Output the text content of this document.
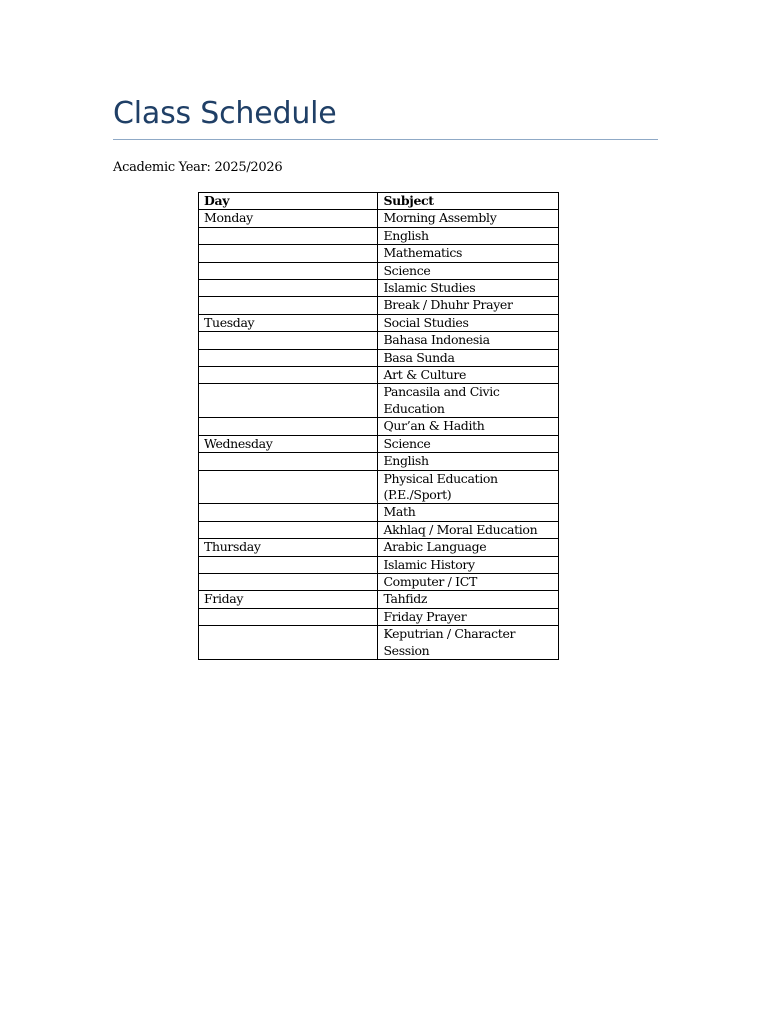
Class Schedule

Academic Year: 2025/2026

Day	Subject
Monday	Morning Assembly
	English
	Mathematics
	Science
	Islamic Studies
	Break / Dhuhr Prayer
Tuesday	Social Studies
	Bahasa Indonesia
	Basa Sunda
	Art & Culture
	Pancasila and Civic Education
	Qur’an & Hadith
Wednesday	Science
	English
	Physical Education (P.E./Sport)
	Math
	Akhlaq / Moral Education
Thursday	Arabic Language
	Islamic History
	Computer / ICT
Friday	Tahfidz
	Friday Prayer
	Keputrian / Character Session
